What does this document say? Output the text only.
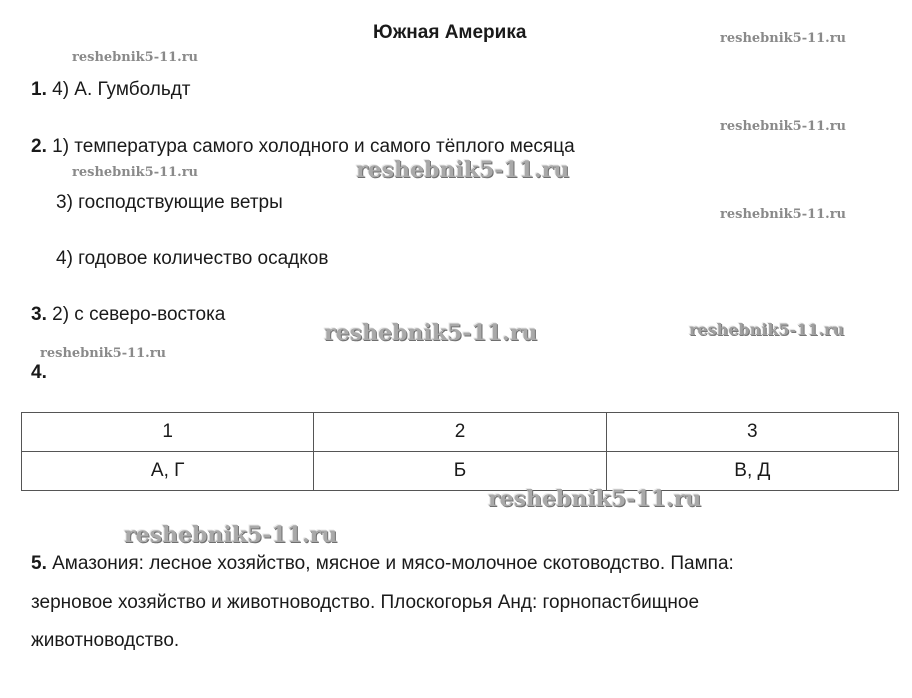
Южная Америка
1. 4) А. Гумбольдт
2. 1) температура самого холодного и самого тёплого месяца
3) господствующие ветры
4) годовое количество осадков
3. 2) с северо-востока
4.
1	2	3
А, Г	Б	В, Д
5. Амазония: лесное хозяйство, мясное и мясо-молочное скотоводство. Пампа:
зерновое хозяйство и животноводство. Плоскогорья Анд: горнопастбищное
животноводство.
reshebnik5-11.ru
reshebnik5-11.ru
reshebnik5-11.ru
reshebnik5-11.ru	reshebnik5-11.ru
reshebnik5-11.ru
reshebnik5-11.ru	reshebnik5-11.ru
reshebnik5-11.ru
reshebnik5-11.ru
reshebnik5-11.ru
